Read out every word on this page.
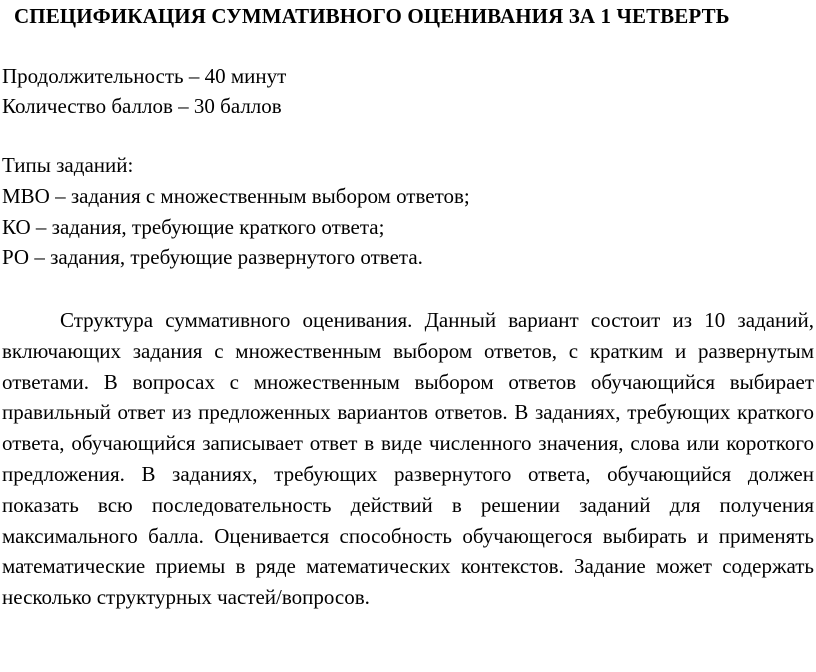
СПЕЦИФИКАЦИЯ СУММАТИВНОГО ОЦЕНИВАНИЯ ЗА 1 ЧЕТВЕРТЬ
Продолжительность – 40 минут
Количество баллов – 30 баллов
Типы заданий:
МВО – задания с множественным выбором ответов;
КО – задания, требующие краткого ответа;
РО – задания, требующие развернутого ответа.

Структура суммативного оценивания. Данный вариант состоит из 10 заданий, включающих задания с множественным выбором ответов, с кратким и развернутым ответами. В вопросах с множественным выбором ответов обучающийся выбирает правильный ответ из предложенных вариантов ответов. В заданиях, требующих краткого ответа, обучающийся записывает ответ в виде численного значения, слова или короткого предложения. В заданиях, требующих развернутого ответа, обучающийся должен показать всю последовательность действий в решении заданий для получения максимального балла. Оценивается способность обучающегося выбирать и применять математические приемы в ряде математических контекстов. Задание может содержать несколько структурных частей/вопросов.
